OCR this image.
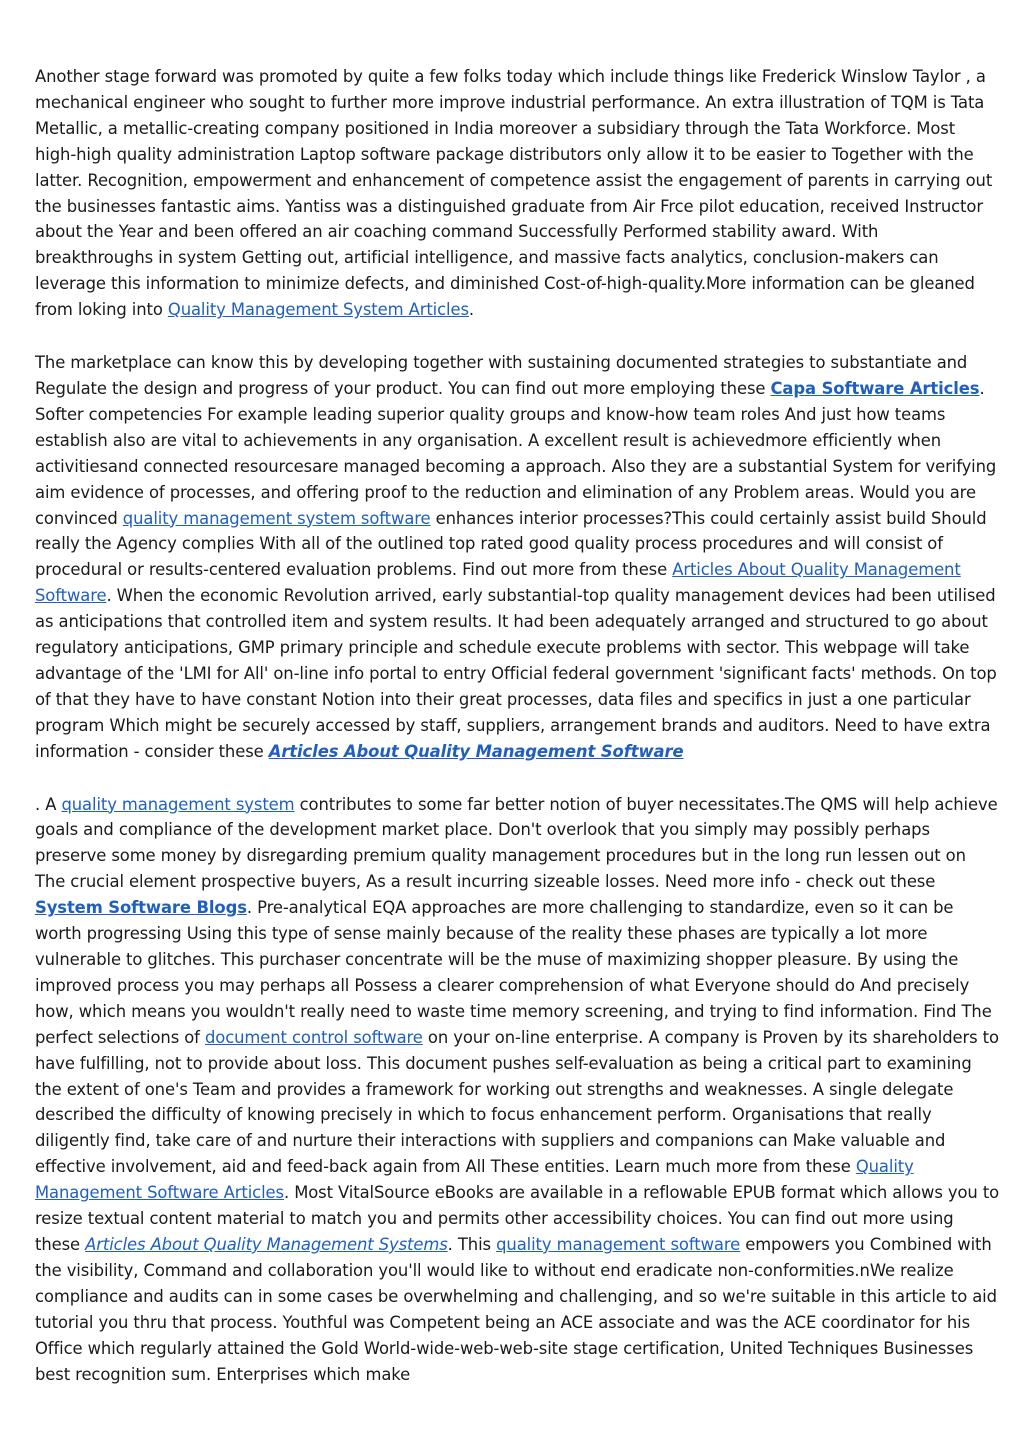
Another stage forward was promoted by quite a few folks today which include things like Frederick Winslow Taylor , a mechanical engineer who sought to further more improve industrial performance. An extra illustration of TQM is Tata Metallic, a metallic-creating company positioned in India moreover a subsidiary through the Tata Workforce. Most high-high quality administration Laptop software package distributors only allow it to be easier to Together with the latter. Recognition, empowerment and enhancement of competence assist the engagement of parents in carrying out the businesses fantastic aims. Yantiss was a distinguished graduate from Air Frce pilot education, received Instructor about the Year and been offered an air coaching command Successfully Performed stability award. With breakthroughs in system Getting out, artificial intelligence, and massive facts analytics, conclusion-makers can leverage this information to minimize defects, and diminished Cost-of-high-quality.More information can be gleaned from loking into Quality Management System Articles.

The marketplace can know this by developing together with sustaining documented strategies to substantiate and Regulate the design and progress of your product. You can find out more employing these Capa Software Articles. Softer competencies For example leading superior quality groups and know-how team roles And just how teams establish also are vital to achievements in any organisation. A excellent result is achievedmore efficiently when activitiesand connected resourcesare managed becoming a approach. Also they are a substantial System for verifying aim evidence of processes, and offering proof to the reduction and elimination of any Problem areas. Would you are convinced quality management system software enhances interior processes?This could certainly assist build Should really the Agency complies With all of the outlined top rated good quality process procedures and will consist of procedural or results-centered evaluation problems. Find out more from these Articles About Quality Management Software. When the economic Revolution arrived, early substantial-top quality management devices had been utilised as anticipations that controlled item and system results. It had been adequately arranged and structured to go about regulatory anticipations, GMP primary principle and schedule execute problems with sector. This webpage will take advantage of the 'LMI for All' on-line info portal to entry Official federal government 'significant facts' methods. On top of that they have to have constant Notion into their great processes, data files and specifics in just a one particular program Which might be securely accessed by staff, suppliers, arrangement brands and auditors. Need to have extra information - consider these Articles About Quality Management Software

. A quality management system contributes to some far better notion of buyer necessitates.The QMS will help achieve goals and compliance of the development market place. Don't overlook that you simply may possibly perhaps preserve some money by disregarding premium quality management procedures but in the long run lessen out on The crucial element prospective buyers, As a result incurring sizeable losses. Need more info - check out these System Software Blogs. Pre-analytical EQA approaches are more challenging to standardize, even so it can be worth progressing Using this type of sense mainly because of the reality these phases are typically a lot more vulnerable to glitches. This purchaser concentrate will be the muse of maximizing shopper pleasure. By using the improved process you may perhaps all Possess a clearer comprehension of what Everyone should do And precisely how, which means you wouldn't really need to waste time memory screening, and trying to find information. Find The perfect selections of document control software on your on-line enterprise. A company is Proven by its shareholders to have fulfilling, not to provide about loss. This document pushes self-evaluation as being a critical part to examining the extent of one's Team and provides a framework for working out strengths and weaknesses. A single delegate described the difficulty of knowing precisely in which to focus enhancement perform. Organisations that really diligently find, take care of and nurture their interactions with suppliers and companions can Make valuable and effective involvement, aid and feed-back again from All These entities. Learn much more from these Quality Management Software Articles. Most VitalSource eBooks are available in a reflowable EPUB format which allows you to resize textual content material to match you and permits other accessibility choices. You can find out more using these Articles About Quality Management Systems. This quality management software empowers you Combined with the visibility, Command and collaboration you'll would like to without end eradicate non-conformities.nWe realize compliance and audits can in some cases be overwhelming and challenging, and so we're suitable in this article to aid tutorial you thru that process. Youthful was Competent being an ACE associate and was the ACE coordinator for his Office which regularly attained the Gold World-wide-web-web-site stage certification, United Techniques Businesses best recognition sum. Enterprises which make
